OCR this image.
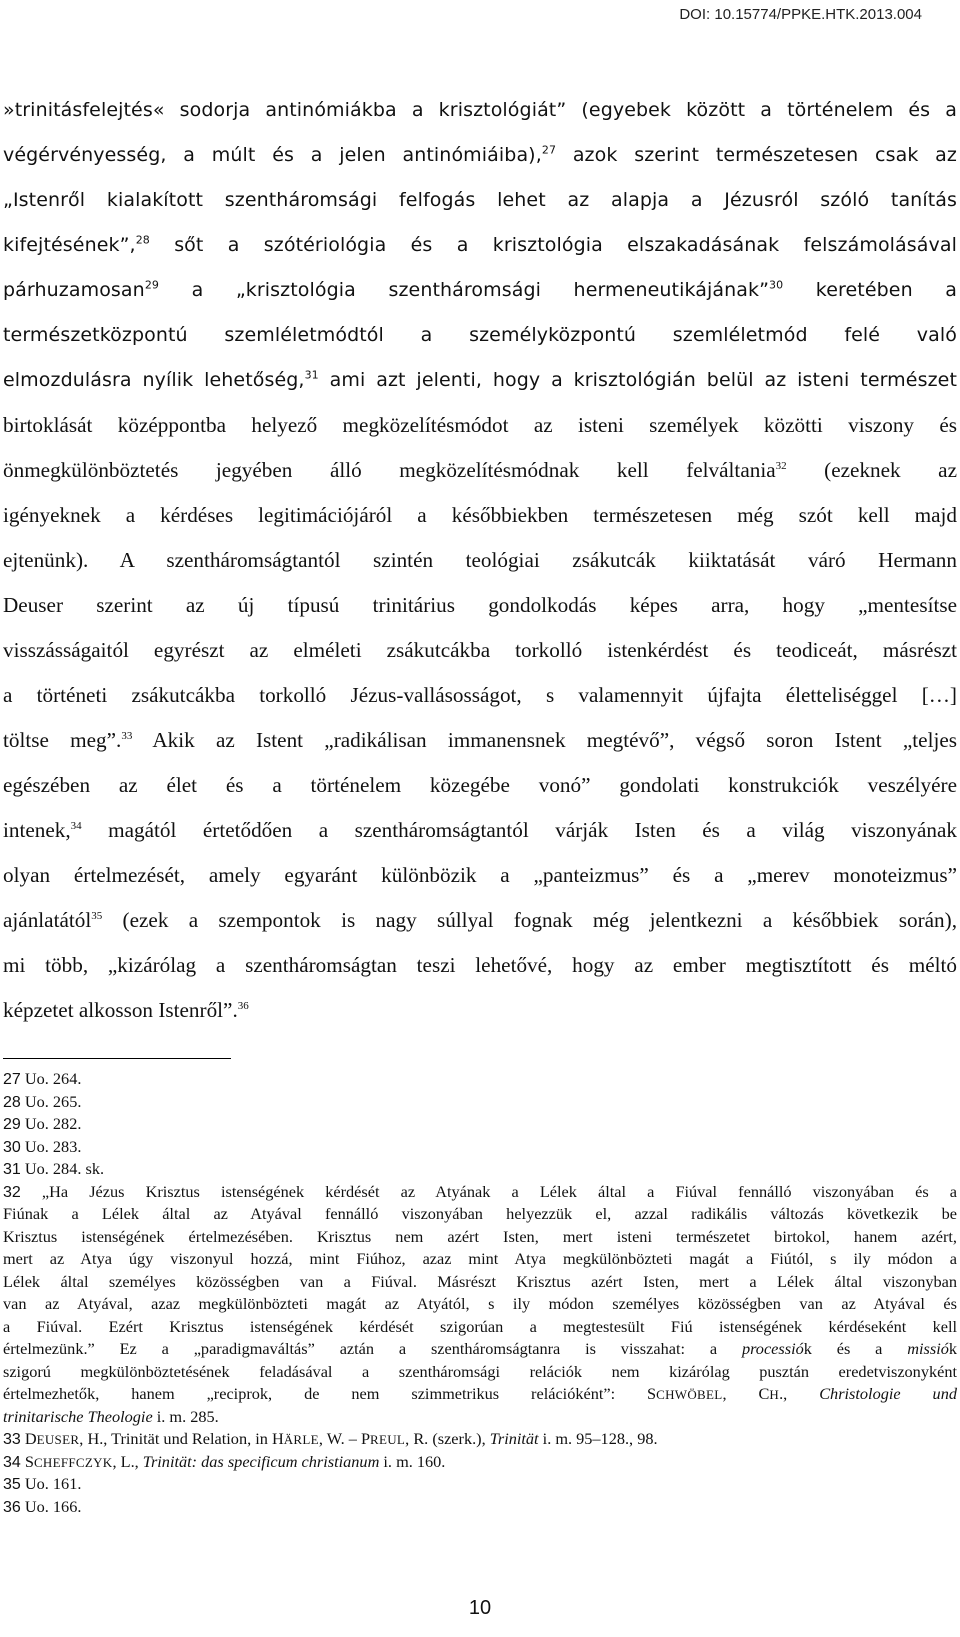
DOI: 10.15774/PPKE.HTK.2013.004
»trinitásfelejtés« sodorja antinómiákba a krisztológiát” (egyebek között a történelem és a
végérvényesség, a múlt és a jelen antinómiáiba),$^{27}$ azok szerint természetesen csak az
„Istenről kialakított szentháromsági felfogás lehet az alapja a Jézusról szóló tanítás
kifejtésének”,$^{28}$ sőt a szótériológia és a krisztológia elszakadásának felszámolásával
párhuzamosan$^{29}$ a „krisztológia szentháromsági hermeneutikájának”$^{30}$ keretében a
természetközpontú szemléletmódtól a személyközpontú szemléletmód felé való
elmozdulásra nyílik lehetőség,$^{31}$ ami azt jelenti, hogy a krisztológián belül az isteni természet
birtoklását középpontba helyező megközelítésmódot az isteni személyek közötti viszony és
önmegkülönböztetés jegyében álló megközelítésmódnak kell felváltania$^{32}$ (ezeknek az
igényeknek a kérdéses legitimációjáról a későbbiekben természetesen még szót kell majd
ejtenünk). A szentháromságtantól szintén teológiai zsákutcák kiiktatását váró Hermann
Deuser szerint az új típusú trinitárius gondolkodás képes arra, hogy „mentesítse
visszásságaitól egyrészt az elméleti zsákutcákba torkolló istenkérdést és teodiceát, másrészt
a történeti zsákutcákba torkolló Jézus-vallásosságot, s valamennyit újfajta életteliséggel […]
töltse meg”.$^{33}$ Akik az Istent „radikálisan immanensnek megtévő”, végső soron Istent „teljes
egészében az élet és a történelem közegébe vonó” gondolati konstrukciók veszélyére
intenek,$^{34}$ magától értetődően a szentháromságtantól várják Isten és a világ viszonyának
olyan értelmezését, amely egyaránt különbözik a „panteizmus” és a „merev monoteizmus”
ajánlatától$^{35}$ (ezek a szempontok is nagy súllyal fognak még jelentkezni a későbbiek során),
mi több, „kizárólag a szentháromságtan teszi lehetővé, hogy az ember megtisztított és méltó
képzetet alkosson Istenről”.$^{36}$
27 Uo. 264.
28 Uo. 265.
29 Uo. 282.
30 Uo. 283.
31 Uo. 284. sk.
32 „Ha Jézus Krisztus istenségének kérdését az Atyának a Lélek által a Fiúval fennálló viszonyában és a
Fiúnak a Lélek által az Atyával fennálló viszonyában helyezzük el, azzal radikális változás következik be
Krisztus istenségének értelmezésében. Krisztus nem azért Isten, mert isteni természetet birtokol, hanem azért,
mert az Atya úgy viszonyul hozzá, mint Fiúhoz, azaz mint Atya megkülönbözteti magát a Fiútól, s ily módon a
Lélek által személyes közösségben van a Fiúval. Másrészt Krisztus azért Isten, mert a Lélek által viszonyban
van az Atyával, azaz megkülönbözteti magát az Atyától, s ily módon személyes közösségben van az Atyával és
a Fiúval. Ezért Krisztus istenségének kérdését szigorúan a megtestesült Fiú istenségének kérdéseként kell
értelmezünk.” Ez a „paradigmaváltás” aztán a szentháromságtanra is visszahat: a processiók és a missiók
szigorú megkülönböztetésének feladásával a szentháromsági relációk nem kizárólag pusztán eredetviszonyként
értelmezhetők, hanem „reciprok, de nem szimmetrikus relációként”: SCHWÖBEL, CH., Christologie und
trinitarische Theologie i. m. 285.
33 DEUSER, H., Trinität und Relation, in HÄRLE, W. – PREUL, R. (szerk.), Trinität i. m. 95–128., 98.
34 SCHEFFCZYK, L., Trinität: das specificum christianum i. m. 160.
35 Uo. 161.
36 Uo. 166.
10
